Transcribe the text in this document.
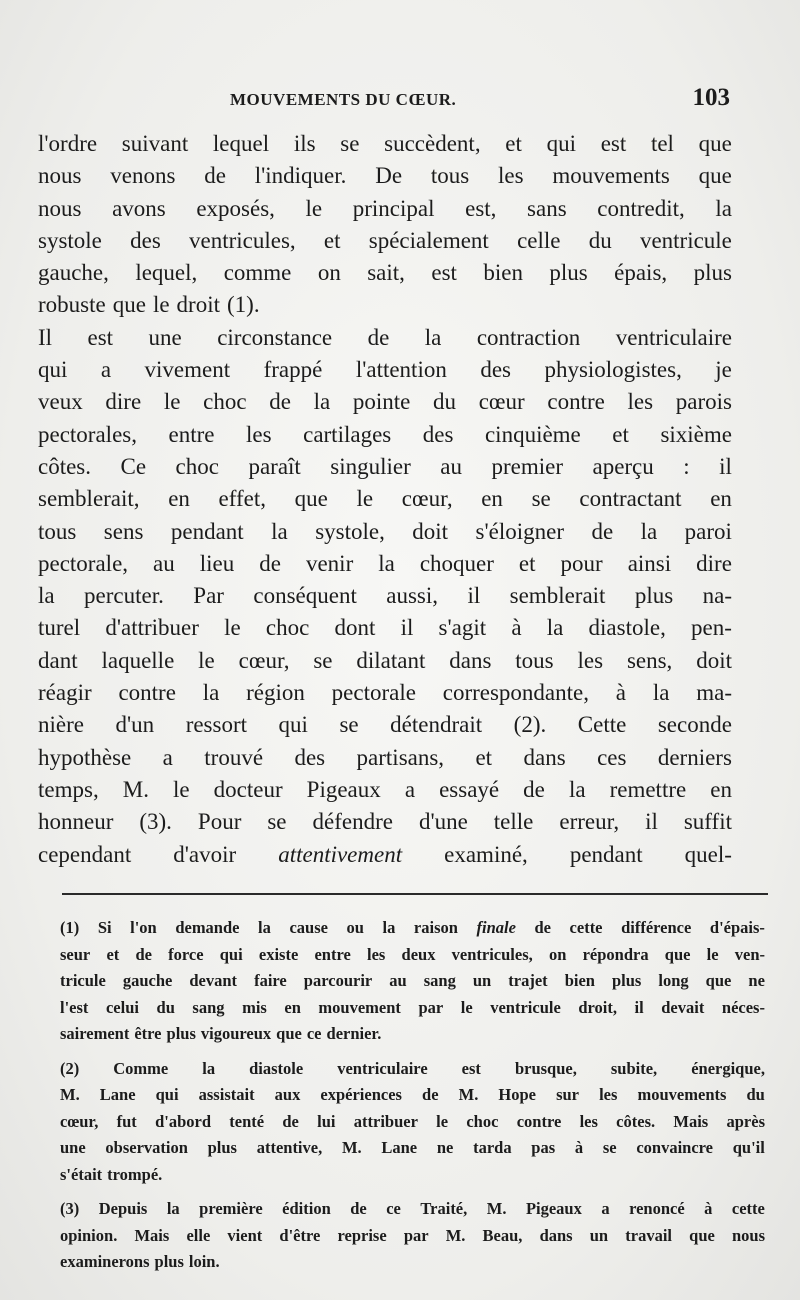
MOUVEMENTS DU CŒUR.	103
l'ordre suivant lequel ils se succèdent, et qui est tel que
nous venons de l'indiquer. De tous les mouvements que
nous avons exposés, le principal est, sans contredit, la
systole des ventricules, et spécialement celle du ventricule
gauche, lequel, comme on sait, est bien plus épais, plus
robuste que le droit (1).
Il est une circonstance de la contraction ventriculaire
qui a vivement frappé l'attention des physiologistes, je
veux dire le choc de la pointe du cœur contre les parois
pectorales, entre les cartilages des cinquième et sixième
côtes. Ce choc paraît singulier au premier aperçu : il
semblerait, en effet, que le cœur, en se contractant en
tous sens pendant la systole, doit s'éloigner de la paroi
pectorale, au lieu de venir la choquer et pour ainsi dire
la percuter. Par conséquent aussi, il semblerait plus na-
turel d'attribuer le choc dont il s'agit à la diastole, pen-
dant laquelle le cœur, se dilatant dans tous les sens, doit
réagir contre la région pectorale correspondante, à la ma-
nière d'un ressort qui se détendrait (2). Cette seconde
hypothèse a trouvé des partisans, et dans ces derniers
temps, M. le docteur Pigeaux a essayé de la remettre en
honneur (3). Pour se défendre d'une telle erreur, il suffit
cependant d'avoir attentivement examiné, pendant quel-
(1) Si l'on demande la cause ou la raison finale de cette différence d'épais-
seur et de force qui existe entre les deux ventricules, on répondra que le ven-
tricule gauche devant faire parcourir au sang un trajet bien plus long que ne
l'est celui du sang mis en mouvement par le ventricule droit, il devait néces-
sairement être plus vigoureux que ce dernier.
(2) Comme la diastole ventriculaire est brusque, subite, énergique,
M. Lane qui assistait aux expériences de M. Hope sur les mouvements du
cœur, fut d'abord tenté de lui attribuer le choc contre les côtes. Mais après
une observation plus attentive, M. Lane ne tarda pas à se convaincre qu'il
s'était trompé.
(3) Depuis la première édition de ce Traité, M. Pigeaux a renoncé à cette
opinion. Mais elle vient d'être reprise par M. Beau, dans un travail que nous
examinerons plus loin.
